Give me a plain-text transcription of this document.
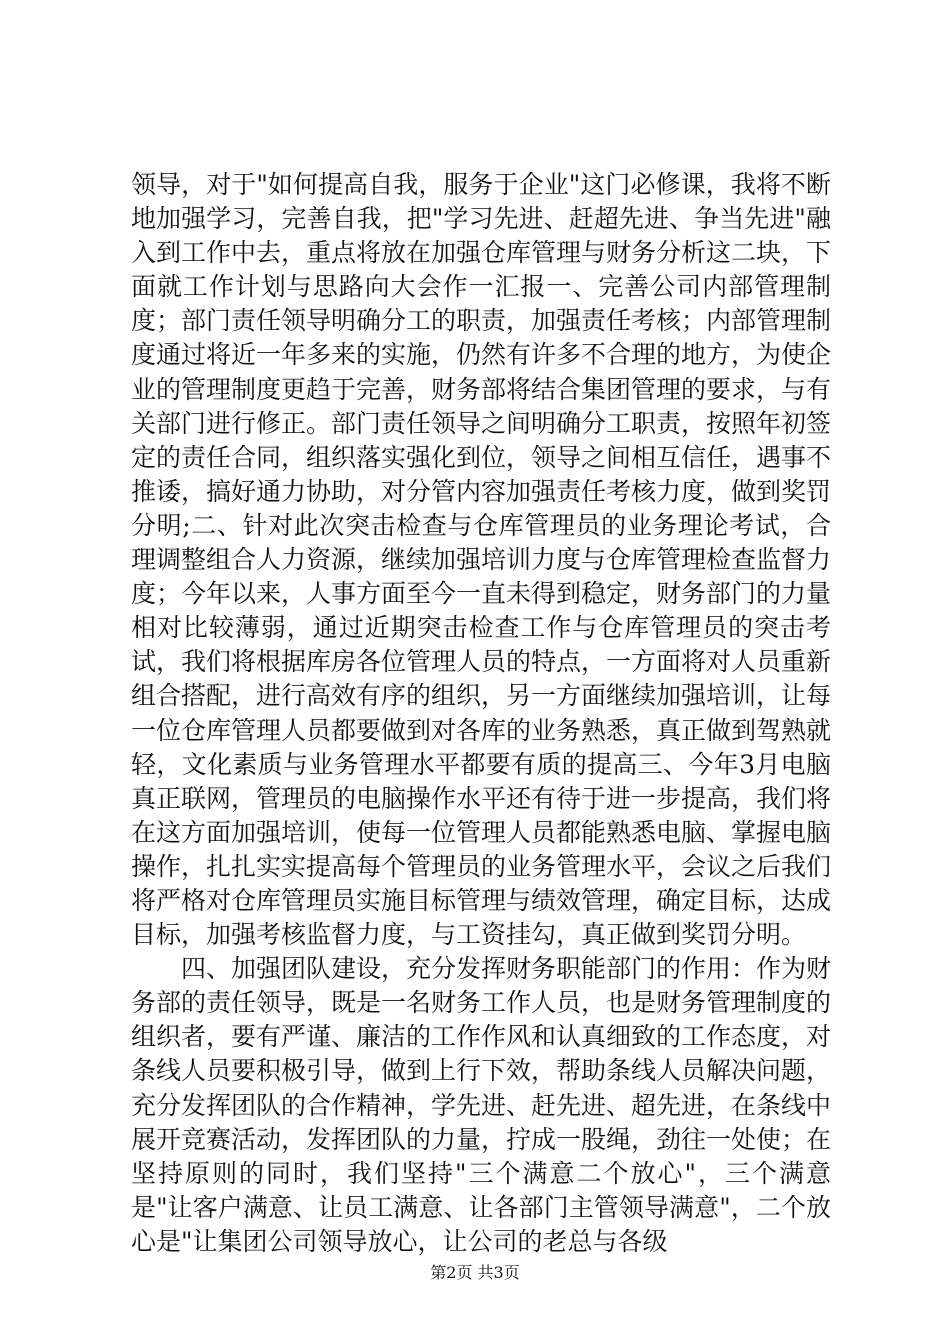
领导，对于"如何提高自我，服务于企业"这门必修课，我将不断地加强学习，完善自我，把"学习先进、赶超先进、争当先进"融入到工作中去，重点将放在加强仓库管理与财务分析这二块，下面就工作计划与思路向大会作一汇报一、完善公司内部管理制度；部门责任领导明确分工的职责，加强责任考核；内部管理制度通过将近一年多来的实施，仍然有许多不合理的地方，为使企业的管理制度更趋于完善，财务部将结合集团管理的要求，与有关部门进行修正。部门责任领导之间明确分工职责，按照年初签定的责任合同，组织落实强化到位，领导之间相互信任，遇事不推诿，搞好通力协助，对分管内容加强责任考核力度，做到奖罚分明;二、针对此次突击检查与仓库管理员的业务理论考试，合理调整组合人力资源，继续加强培训力度与仓库管理检查监督力度；今年以来，人事方面至今一直未得到稳定，财务部门的力量相对比较薄弱，通过近期突击检查工作与仓库管理员的突击考试，我们将根据库房各位管理人员的特点，一方面将对人员重新组合搭配，进行高效有序的组织，另一方面继续加强培训，让每一位仓库管理人员都要做到对各库的业务熟悉，真正做到驾熟就轻，文化素质与业务管理水平都要有质的提高三、今年3月电脑真正联网，管理员的电脑操作水平还有待于进一步提高，我们将在这方面加强培训，使每一位管理人员都能熟悉电脑、掌握电脑操作，扎扎实实提高每个管理员的业务管理水平，会议之后我们将严格对仓库管理员实施目标管理与绩效管理，确定目标，达成目标，加强考核监督力度，与工资挂勾，真正做到奖罚分明。

四、加强团队建设，充分发挥财务职能部门的作用：作为财务部的责任领导，既是一名财务工作人员，也是财务管理制度的组织者，要有严谨、廉洁的工作作风和认真细致的工作态度，对条线人员要积极引导，做到上行下效，帮助条线人员解决问题，充分发挥团队的合作精神，学先进、赶先进、超先进，在条线中展开竞赛活动，发挥团队的力量，拧成一股绳，劲往一处使；在坚持原则的同时，我们坚持"三个满意二个放心"，三个满意是"让客户满意、让员工满意、让各部门主管领导满意"，二个放心是"让集团公司领导放心，让公司的老总与各级

第2页 共3页
